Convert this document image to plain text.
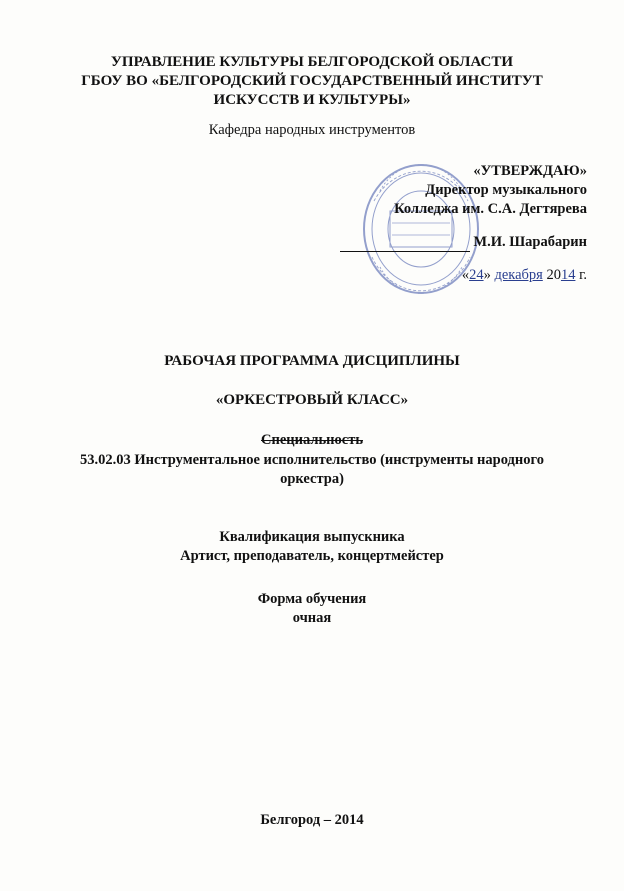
УПРАВЛЕНИЕ КУЛЬТУРЫ БЕЛГОРОДСКОЙ ОБЛАСТИ
ГБОУ ВО «БЕЛГОРОДСКИЙ ГОСУДАРСТВЕННЫЙ ИНСТИТУТ
ИСКУССТВ И КУЛЬТУРЫ»
Кафедра народных инструментов
«УТВЕРЖДАЮ»
Директор музыкального
Колледжа им. С.А. Дегтярева
М.И. Шарабарин
«24» декабря 2014 г.
РАБОЧАЯ ПРОГРАММА ДИСЦИПЛИНЫ
«ОРКЕСТРОВЫЙ КЛАСС»
Специальность
53.02.03 Инструментальное исполнительство (инструменты народного
оркестра)
Квалификация выпускника
Артист, преподаватель, концертмейстер
Форма обучения
очная
Белгород – 2014
